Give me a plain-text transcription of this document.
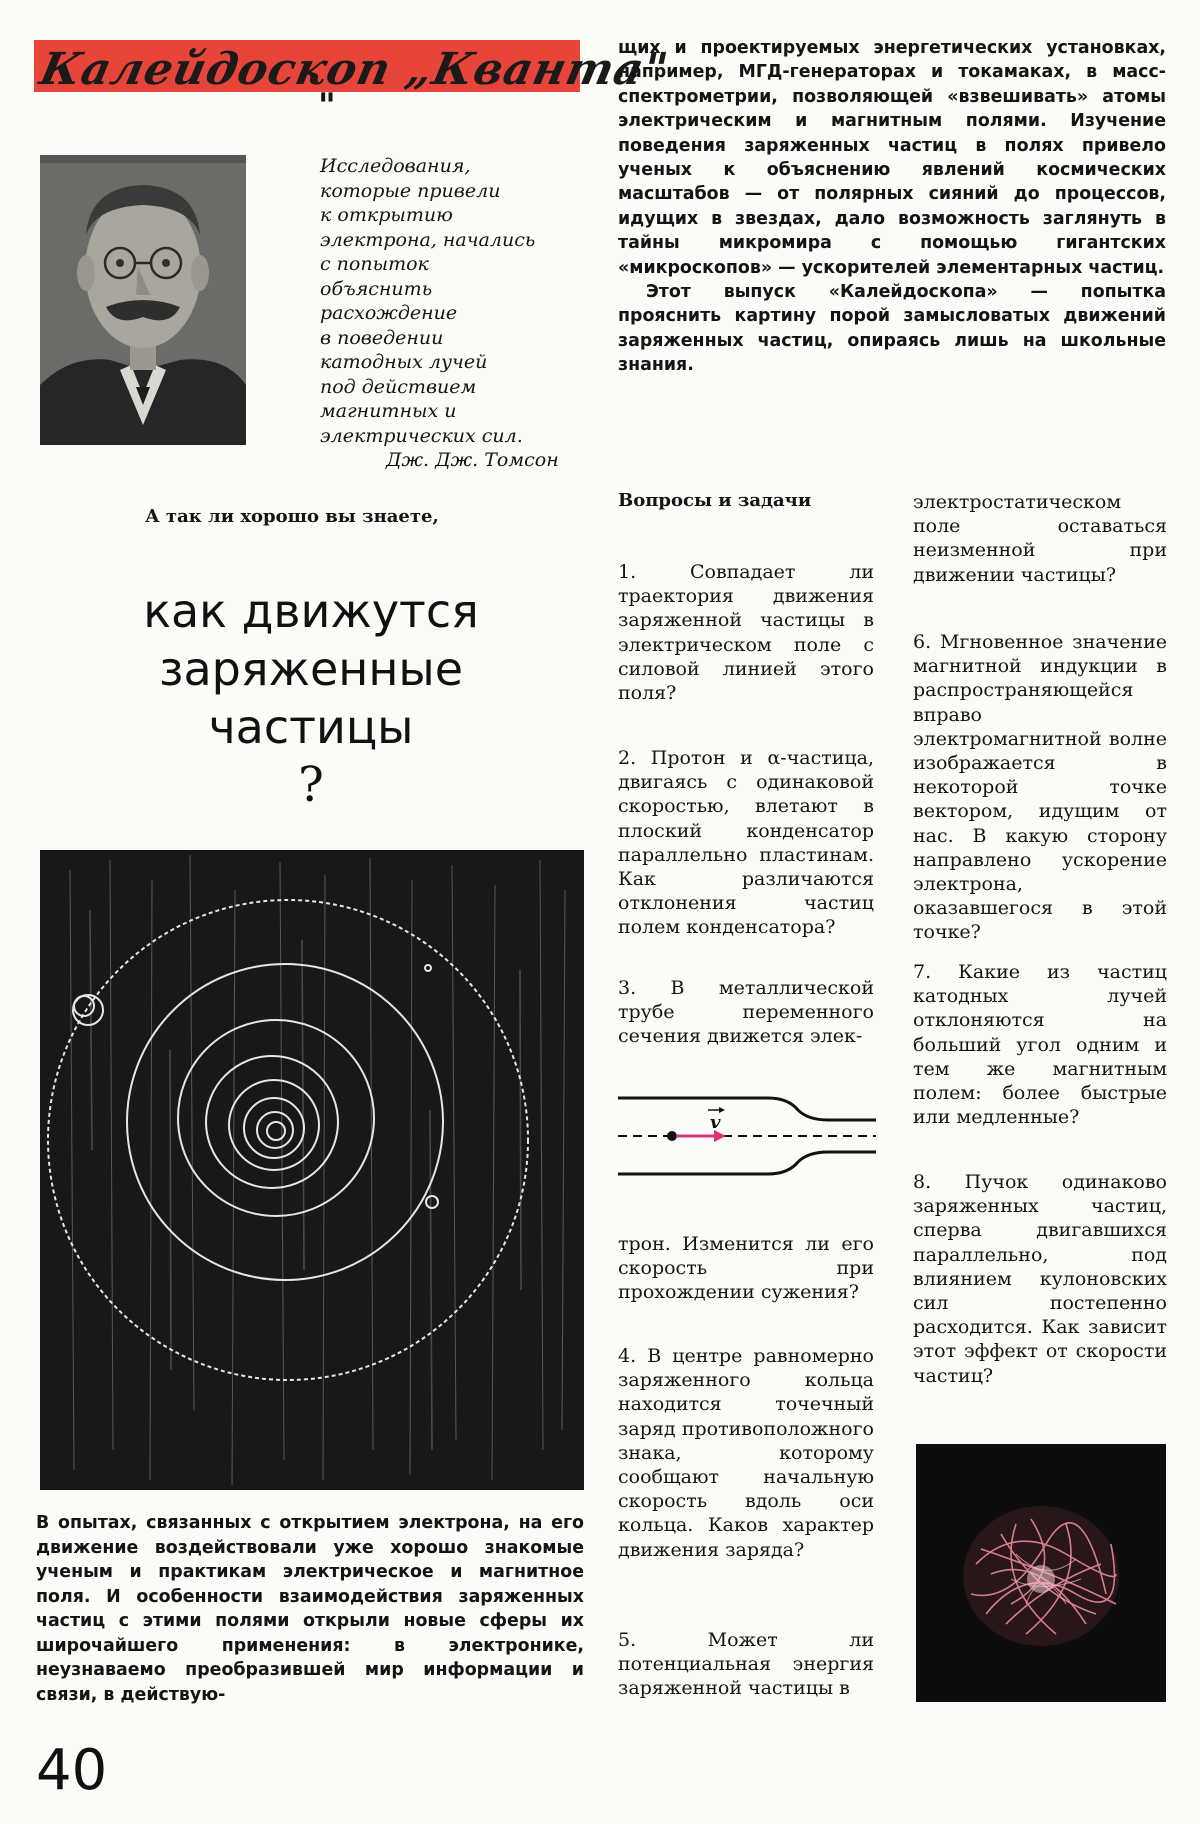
Калейдоскоп „Кванта"
"
Исследования,
которые привели
к открытию
электрона, начались
с попыток
объяснить
расхождение
в поведении
катодных лучей
под действием
магнитных и
электрических сил.
Дж. Дж. Томсон

щих и проектируемых энергетических установках, например, МГД-генераторах и токамаках, в масс-спектрометрии, позволяющей «взвешивать» атомы электрическим и магнитным полями. Изучение поведения заряженных частиц в полях привело ученых к объяснению явлений космических масштабов — от полярных сияний до процессов, идущих в звездах, дало возможность заглянуть в тайны микромира с помощью гигантских «микроскопов» — ускорителей элементарных частиц.

Этот выпуск «Калейдоскопа» — попытка прояснить картину порой замысловатых движений заряженных частиц, опираясь лишь на школьные знания.

А так ли хорошо вы знаете,
как движутся
заряженные
частицы
?
В опытах, связанных с открытием электрона, на его движение воздействовали уже хорошо знакомые ученым и практикам электрическое и магнитное поля. И особенности взаимодействия заряженных частиц с этими полями открыли новые сферы их широчайшего применения: в электронике, неузнаваемо преобразившей мир информации и связи, в действую-
Вопросы и задачи

1. Совпадает ли траектория движения заряженной частицы в электрическом поле с силовой линией этого поля?

2. Протон и α-частица, двигаясь с одинаковой скоростью, влетают в плоский конденсатор параллельно пластинам. Как различаются отклонения частиц полем конденсатора?

3. В металлической трубе переменного сечения движется элек-

v

трон. Изменится ли его скорость при прохождении сужения?

4. В центре равномерно заряженного кольца находится точечный заряд противоположного знака, которому сообщают начальную скорость вдоль оси кольца. Каков характер движения заряда?

5. Может ли потенциальная энергия заряженной частицы в

электростатическом поле оставаться неизменной при движении частицы?

6. Мгновенное значение магнитной индукции в распространяющейся вправо электромагнитной волне изображается в некоторой точке вектором, идущим от нас. В какую сторону направлено ускорение электрона, оказавшегося в этой точке?

7. Какие из частиц катодных лучей отклоняются на больший угол одним и тем же магнитным полем: более быстрые или медленные?

8. Пучок одинаково заряженных частиц, сперва двигавшихся параллельно, под влиянием кулоновских сил постепенно расходится. Как зависит этот эффект от скорости частиц?

40
